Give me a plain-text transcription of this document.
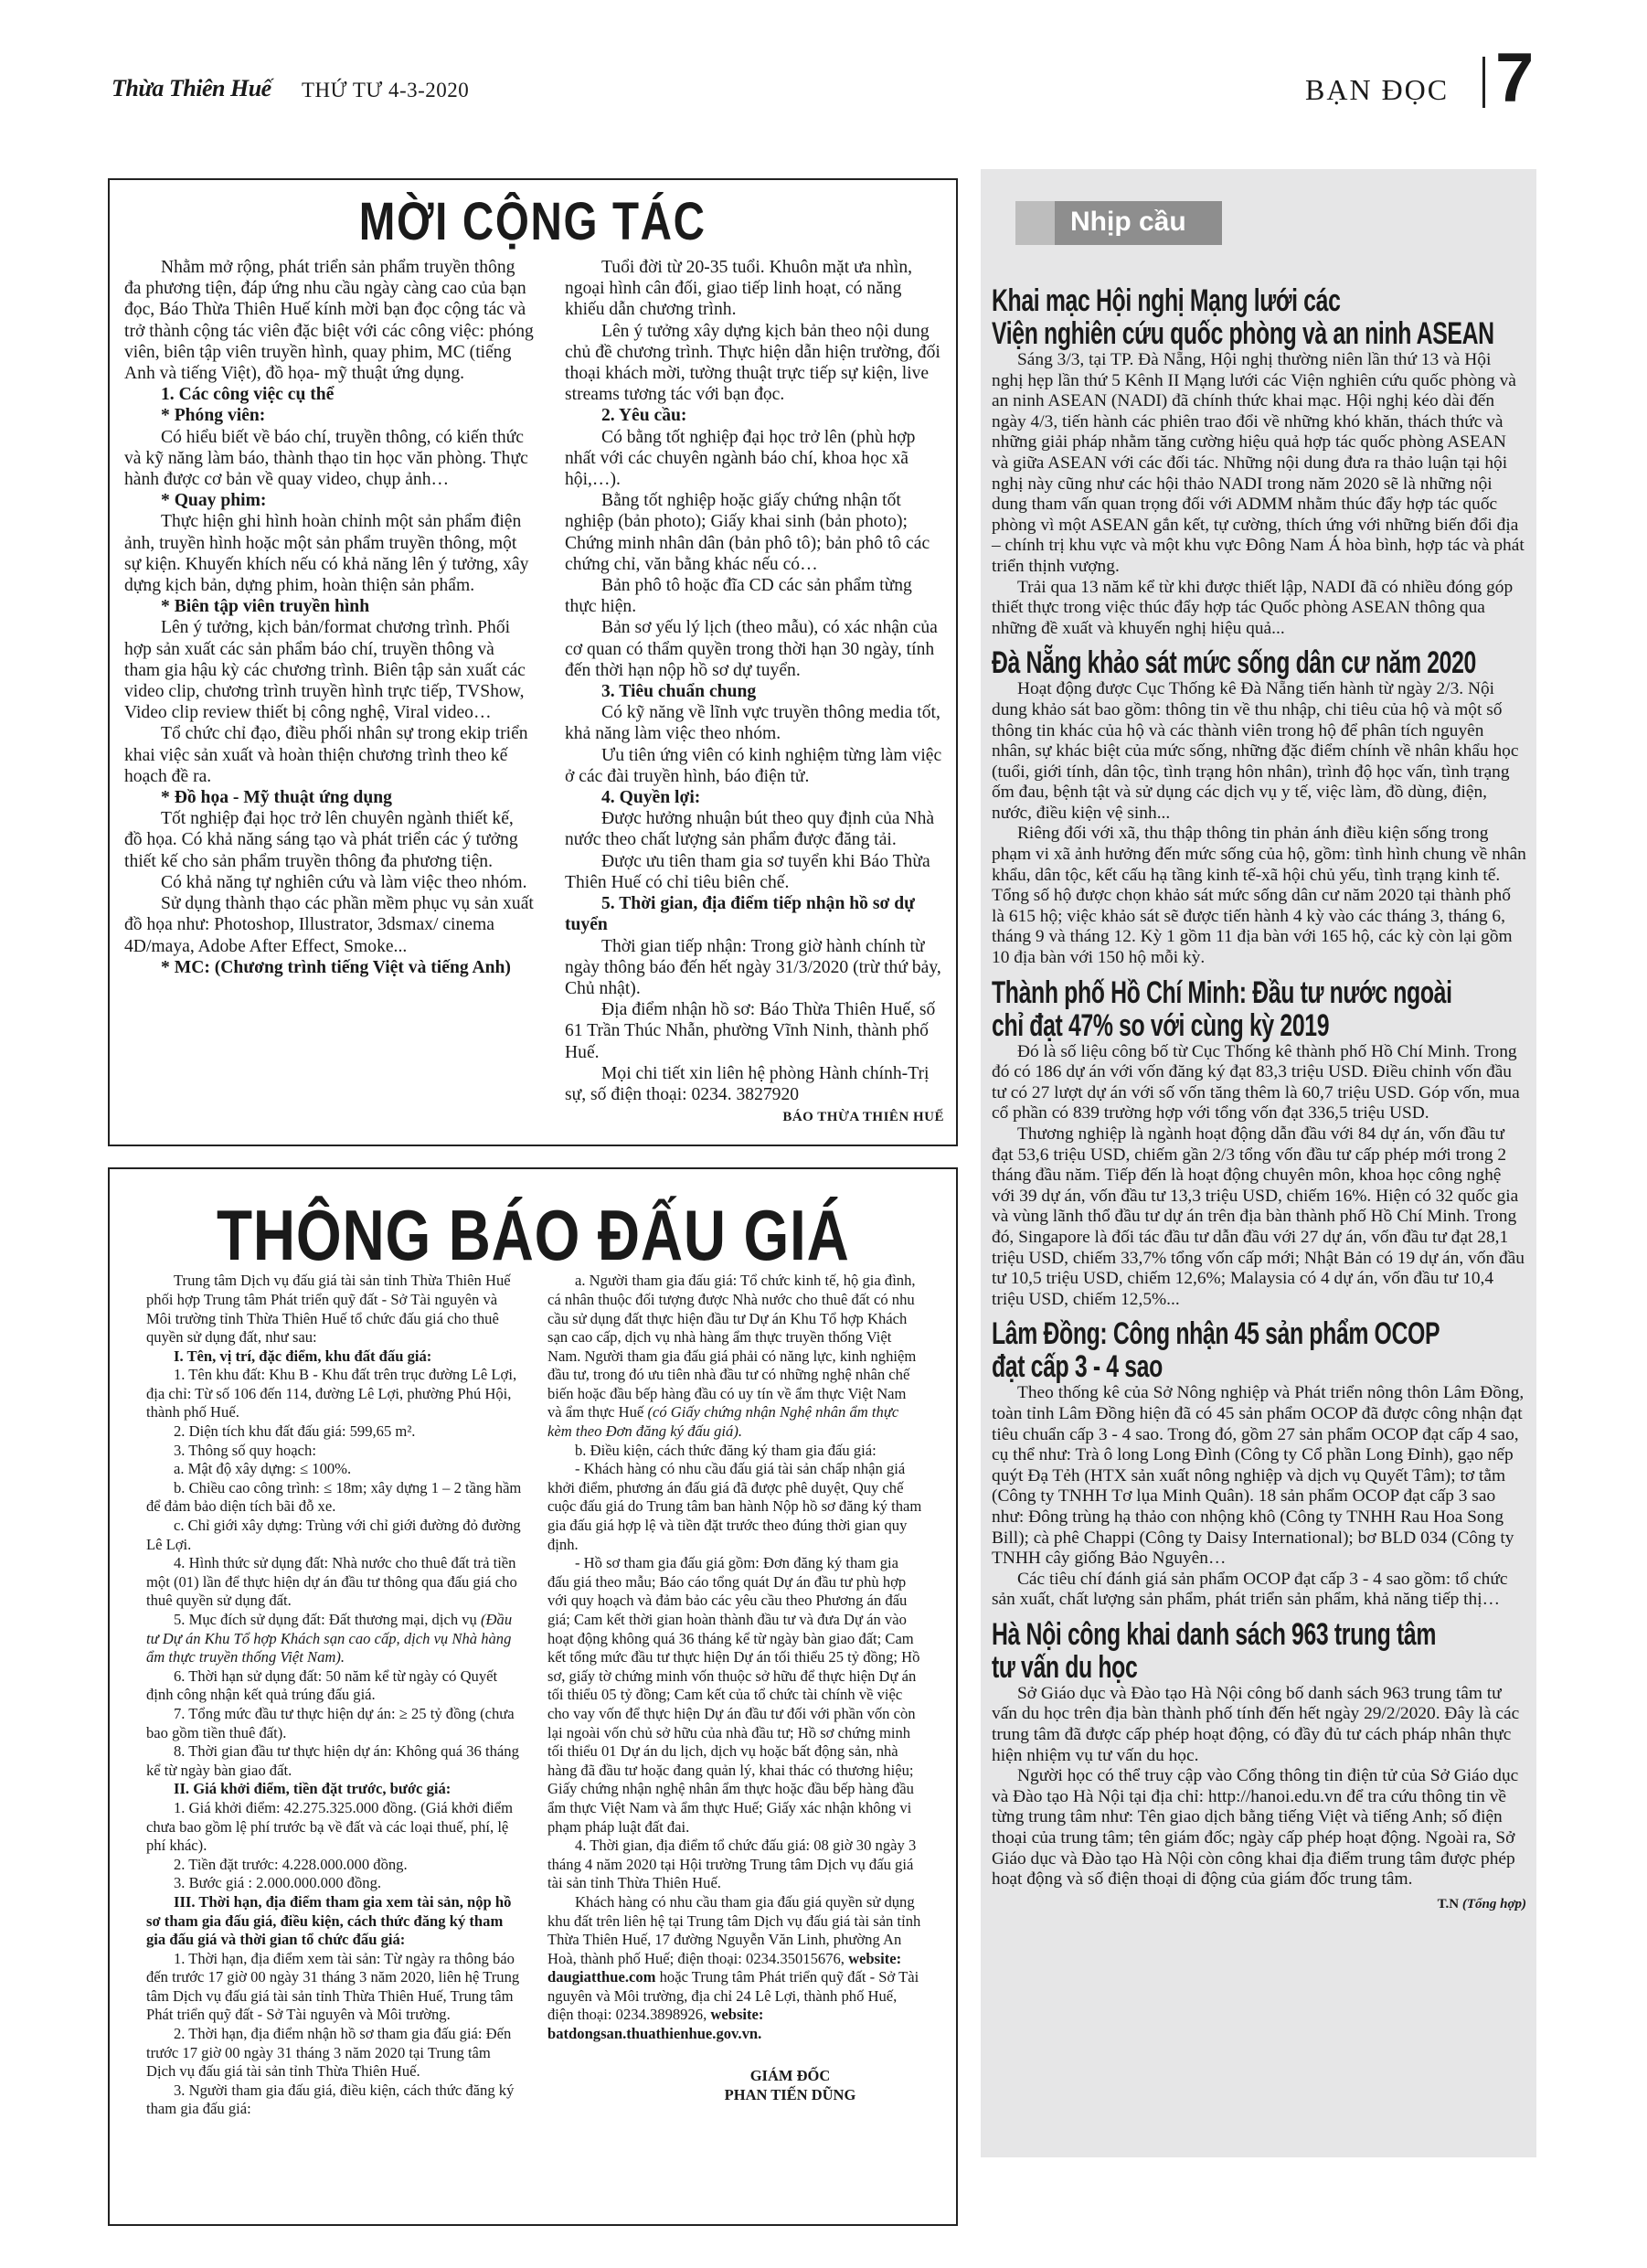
Thừa Thiên Huế THỨ TƯ 4-3-2020	BẠN ĐỌC 7
MỜI CỘNG TÁC

Nhằm mở rộng, phát triển sản phẩm truyền thông đa phương tiện, đáp ứng nhu cầu ngày càng cao của bạn đọc, Báo Thừa Thiên Huế kính mời bạn đọc cộng tác và trở thành cộng tác viên đặc biệt với các công việc: phóng viên, biên tập viên truyền hình, quay phim, MC (tiếng Anh và tiếng Việt), đồ họa- mỹ thuật ứng dụng.

1. Các công việc cụ thể

* Phóng viên:

Có hiểu biết về báo chí, truyền thông, có kiến thức và kỹ năng làm báo, thành thạo tin học văn phòng. Thực hành được cơ bản về quay video, chụp ảnh…

* Quay phim:

Thực hiện ghi hình hoàn chỉnh một sản phẩm điện ảnh, truyền hình hoặc một sản phẩm truyền thông, một sự kiện. Khuyến khích nếu có khả năng lên ý tưởng, xây dựng kịch bản, dựng phim, hoàn thiện sản phẩm.

* Biên tập viên truyền hình

Lên ý tưởng, kịch bản/format chương trình. Phối hợp sản xuất các sản phẩm báo chí, truyền thông và tham gia hậu kỳ các chương trình. Biên tập sản xuất các video clip, chương trình truyền hình trực tiếp, TVShow, Video clip review thiết bị công nghệ, Viral video…

Tổ chức chỉ đạo, điều phối nhân sự trong ekip triển khai việc sản xuất và hoàn thiện chương trình theo kế hoạch đề ra.

* Đồ họa - Mỹ thuật ứng dụng

Tốt nghiệp đại học trở lên chuyên ngành thiết kế, đồ họa. Có khả năng sáng tạo và phát triển các ý tưởng thiết kế cho sản phẩm truyền thông đa phương tiện.

Có khả năng tự nghiên cứu và làm việc theo nhóm.

Sử dụng thành thạo các phần mềm phục vụ sản xuất đồ họa như: Photoshop, Illustrator, 3dsmax/ cinema 4D/maya, Adobe After Effect, Smoke...

* MC: (Chương trình tiếng Việt và tiếng Anh)

Tuổi đời từ 20-35 tuổi. Khuôn mặt ưa nhìn, ngoại hình cân đối, giao tiếp linh hoạt, có năng khiếu dẫn chương trình.

Lên ý tưởng xây dựng kịch bản theo nội dung chủ đề chương trình. Thực hiện dẫn hiện trường, đối thoại khách mời, tường thuật trực tiếp sự kiện, live streams tương tác với bạn đọc.

2. Yêu cầu:

Có bằng tốt nghiệp đại học trở lên (phù hợp nhất với các chuyên ngành báo chí, khoa học xã hội,…).

Bằng tốt nghiệp hoặc giấy chứng nhận tốt nghiệp (bản photo); Giấy khai sinh (bản photo); Chứng minh nhân dân (bản phô tô); bản phô tô các chứng chỉ, văn bằng khác nếu có…

Bản phô tô hoặc đĩa CD các sản phẩm từng thực hiện.

Bản sơ yếu lý lịch (theo mẫu), có xác nhận của cơ quan có thẩm quyền trong thời hạn 30 ngày, tính đến thời hạn nộp hồ sơ dự tuyển.

3. Tiêu chuẩn chung

Có kỹ năng về lĩnh vực truyền thông media tốt, khả năng làm việc theo nhóm.

Ưu tiên ứng viên có kinh nghiệm từng làm việc ở các đài truyền hình, báo điện tử.

4. Quyền lợi:

Được hưởng nhuận bút theo quy định của Nhà nước theo chất lượng sản phẩm được đăng tải.

Được ưu tiên tham gia sơ tuyển khi Báo Thừa Thiên Huế có chỉ tiêu biên chế.

5. Thời gian, địa điểm tiếp nhận hồ sơ dự tuyển

Thời gian tiếp nhận: Trong giờ hành chính từ ngày thông báo đến hết ngày 31/3/2020 (trừ thứ bảy, Chủ nhật).

Địa điểm nhận hồ sơ: Báo Thừa Thiên Huế, số 61 Trần Thúc Nhẫn, phường Vĩnh Ninh, thành phố Huế.

Mọi chi tiết xin liên hệ phòng Hành chính-Trị sự, số điện thoại: 0234. 3827920

BÁO THỪA THIÊN HUẾ

THÔNG BÁO ĐẤU GIÁ

Trung tâm Dịch vụ đấu giá tài sản tỉnh Thừa Thiên Huế phối hợp Trung tâm Phát triển quỹ đất - Sở Tài nguyên và Môi trường tỉnh Thừa Thiên Huế tổ chức đấu giá cho thuê quyền sử dụng đất, như sau:

I. Tên, vị trí, đặc điểm, khu đất đấu giá:

1. Tên khu đất: Khu B - Khu đất trên trục đường Lê Lợi, địa chỉ: Từ số 106 đến 114, đường Lê Lợi, phường Phú Hội, thành phố Huế.

2. Diện tích khu đất đấu giá: 599,65 m².

3. Thông số quy hoạch:

a. Mật độ xây dựng: ≤ 100%.

b. Chiều cao công trình: ≤ 18m; xây dựng 1 – 2 tầng hầm để đảm bảo diện tích bãi đỗ xe.

c. Chỉ giới xây dựng: Trùng với chỉ giới đường đỏ đường Lê Lợi.

4. Hình thức sử dụng đất: Nhà nước cho thuê đất trả tiền một (01) lần để thực hiện dự án đầu tư thông qua đấu giá cho thuê quyền sử dụng đất.

5. Mục đích sử dụng đất: Đất thương mại, dịch vụ (Đầu tư Dự án Khu Tổ hợp Khách sạn cao cấp, dịch vụ Nhà hàng ẩm thực truyền thống Việt Nam).

6. Thời hạn sử dụng đất: 50 năm kể từ ngày có Quyết định công nhận kết quả trúng đấu giá.

7. Tổng mức đầu tư thực hiện dự án: ≥ 25 tỷ đồng (chưa bao gồm tiền thuê đất).

8. Thời gian đầu tư thực hiện dự án: Không quá 36 tháng kể từ ngày bàn giao đất.

II. Giá khởi điểm, tiền đặt trước, bước giá:

1. Giá khởi điểm: 42.275.325.000 đồng. (Giá khởi điểm chưa bao gồm lệ phí trước bạ về đất và các loại thuế, phí, lệ phí khác).

2. Tiền đặt trước: 4.228.000.000 đồng.

3. Bước giá : 2.000.000.000 đồng.

III. Thời hạn, địa điểm tham gia xem tài sản, nộp hồ sơ tham gia đấu giá, điều kiện, cách thức đăng ký tham gia đấu giá và thời gian tổ chức đấu giá:

1. Thời hạn, địa điểm xem tài sản: Từ ngày ra thông báo đến trước 17 giờ 00 ngày 31 tháng 3 năm 2020, liên hệ Trung tâm Dịch vụ đấu giá tài sản tỉnh Thừa Thiên Huế, Trung tâm Phát triển quỹ đất - Sở Tài nguyên và Môi trường.

2. Thời hạn, địa điểm nhận hồ sơ tham gia đấu giá: Đến trước 17 giờ 00 ngày 31 tháng 3 năm 2020 tại Trung tâm Dịch vụ đấu giá tài sản tỉnh Thừa Thiên Huế.

3. Người tham gia đấu giá, điều kiện, cách thức đăng ký tham gia đấu giá:

a. Người tham gia đấu giá: Tổ chức kinh tế, hộ gia đình, cá nhân thuộc đối tượng được Nhà nước cho thuê đất có nhu cầu sử dụng đất thực hiện đầu tư Dự án Khu Tổ hợp Khách sạn cao cấp, dịch vụ nhà hàng ẩm thực truyền thống Việt Nam. Người tham gia đấu giá phải có năng lực, kinh nghiệm đầu tư, trong đó ưu tiên nhà đầu tư có những nghệ nhân chế biến hoặc đầu bếp hàng đầu có uy tín về ẩm thực Việt Nam và ẩm thực Huế (có Giấy chứng nhận Nghệ nhân ẩm thực kèm theo Đơn đăng ký đấu giá).

b. Điều kiện, cách thức đăng ký tham gia đấu giá:

- Khách hàng có nhu cầu đấu giá tài sản chấp nhận giá khởi điểm, phương án đấu giá đã được phê duyệt, Quy chế cuộc đấu giá do Trung tâm ban hành Nộp hồ sơ đăng ký tham gia đấu giá hợp lệ và tiền đặt trước theo đúng thời gian quy định.

- Hồ sơ tham gia đấu giá gồm: Đơn đăng ký tham gia đấu giá theo mẫu; Báo cáo tổng quát Dự án đầu tư phù hợp với quy hoạch và đảm bảo các yêu cầu theo Phương án đấu giá; Cam kết thời gian hoàn thành đầu tư và đưa Dự án vào hoạt động không quá 36 tháng kể từ ngày bàn giao đất; Cam kết tổng mức đầu tư thực hiện Dự án tối thiểu 25 tỷ đồng; Hồ sơ, giấy tờ chứng minh vốn thuộc sở hữu để thực hiện Dự án tối thiểu 05 tỷ đồng; Cam kết của tổ chức tài chính về việc cho vay vốn để thực hiện Dự án đầu tư đối với phần vốn còn lại ngoài vốn chủ sở hữu của nhà đầu tư; Hồ sơ chứng minh tối thiểu 01 Dự án du lịch, dịch vụ hoặc bất động sản, nhà hàng đã đầu tư hoặc đang quản lý, khai thác có thương hiệu; Giấy chứng nhận nghệ nhân ẩm thực hoặc đầu bếp hàng đầu ẩm thực Việt Nam và ẩm thực Huế; Giấy xác nhận không vi phạm pháp luật đất đai.

4. Thời gian, địa điểm tổ chức đấu giá: 08 giờ 30 ngày 3 tháng 4 năm 2020 tại Hội trường Trung tâm Dịch vụ đấu giá tài sản tỉnh Thừa Thiên Huế.

Khách hàng có nhu cầu tham gia đấu giá quyền sử dụng khu đất trên liên hệ tại Trung tâm Dịch vụ đấu giá tài sản tỉnh Thừa Thiên Huế, 17 đường Nguyễn Văn Linh, phường An Hoà, thành phố Huế; điện thoại: 0234.35015676, website: daugiatthue.com hoặc Trung tâm Phát triển quỹ đất - Sở Tài nguyên và Môi trường, địa chỉ 24 Lê Lợi, thành phố Huế, điện thoại: 0234.3898926, website: batdongsan.thuathienhue.gov.vn.

GIÁM ĐỐC
PHAN TIẾN DŨNG

Nhịp cầu
Khai mạc Hội nghị Mạng lưới các
Viện nghiên cứu quốc phòng và an ninh ASEAN

Sáng 3/3, tại TP. Đà Nẵng, Hội nghị thường niên lần thứ 13 và Hội nghị hẹp lần thứ 5 Kênh II Mạng lưới các Viện nghiên cứu quốc phòng và an ninh ASEAN (NADI) đã chính thức khai mạc. Hội nghị kéo dài đến ngày 4/3, tiến hành các phiên trao đổi về những khó khăn, thách thức và những giải pháp nhằm tăng cường hiệu quả hợp tác quốc phòng ASEAN và giữa ASEAN với các đối tác. Những nội dung đưa ra thảo luận tại hội nghị này cũng như các hội thảo NADI trong năm 2020 sẽ là những nội dung tham vấn quan trọng đối với ADMM nhằm thúc đẩy hợp tác quốc phòng vì một ASEAN gắn kết, tự cường, thích ứng với những biến đổi địa – chính trị khu vực và một khu vực Đông Nam Á hòa bình, hợp tác và phát triển thịnh vượng.

Trải qua 13 năm kể từ khi được thiết lập, NADI đã có nhiều đóng góp thiết thực trong việc thúc đẩy hợp tác Quốc phòng ASEAN thông qua những đề xuất và khuyến nghị hiệu quả...

Đà Nẵng khảo sát mức sống dân cư năm 2020

Hoạt động được Cục Thống kê Đà Nẵng tiến hành từ ngày 2/3. Nội dung khảo sát bao gồm: thông tin về thu nhập, chi tiêu của hộ và một số thông tin khác của hộ và các thành viên trong hộ để phân tích nguyên nhân, sự khác biệt của mức sống, những đặc điểm chính về nhân khẩu học (tuổi, giới tính, dân tộc, tình trạng hôn nhân), trình độ học vấn, tình trạng ốm đau, bệnh tật và sử dụng các dịch vụ y tế, việc làm, đồ dùng, điện, nước, điều kiện vệ sinh...

Riêng đối với xã, thu thập thông tin phản ánh điều kiện sống trong phạm vi xã ảnh hưởng đến mức sống của hộ, gồm: tình hình chung về nhân khẩu, dân tộc, kết cấu hạ tầng kinh tế-xã hội chủ yếu, tình trạng kinh tế. Tổng số hộ được chọn khảo sát mức sống dân cư năm 2020 tại thành phố là 615 hộ; việc khảo sát sẽ được tiến hành 4 kỳ vào các tháng 3, tháng 6, tháng 9 và tháng 12. Kỳ 1 gồm 11 địa bàn với 165 hộ, các kỳ còn lại gồm 10 địa bàn với 150 hộ mỗi kỳ.

Thành phố Hồ Chí Minh: Đầu tư nước ngoài
chỉ đạt 47% so với cùng kỳ 2019

Đó là số liệu công bố từ Cục Thống kê thành phố Hồ Chí Minh. Trong đó có 186 dự án với vốn đăng ký đạt 83,3 triệu USD. Điều chỉnh vốn đầu tư có 27 lượt dự án với số vốn tăng thêm là 60,7 triệu USD. Góp vốn, mua cổ phần có 839 trường hợp với tổng vốn đạt 336,5 triệu USD.

Thương nghiệp là ngành hoạt động dẫn đầu với 84 dự án, vốn đầu tư đạt 53,6 triệu USD, chiếm gần 2/3 tổng vốn đầu tư cấp phép mới trong 2 tháng đầu năm. Tiếp đến là hoạt động chuyên môn, khoa học công nghệ với 39 dự án, vốn đầu tư 13,3 triệu USD, chiếm 16%. Hiện có 32 quốc gia và vùng lãnh thổ đầu tư dự án trên địa bàn thành phố Hồ Chí Minh. Trong đó, Singapore là đối tác đầu tư dẫn đầu với 27 dự án, vốn đầu tư đạt 28,1 triệu USD, chiếm 33,7% tổng vốn cấp mới; Nhật Bản có 19 dự án, vốn đầu tư 10,5 triệu USD, chiếm 12,6%; Malaysia có 4 dự án, vốn đầu tư 10,4 triệu USD, chiếm 12,5%...

Lâm Đồng: Công nhận 45 sản phẩm OCOP
đạt cấp 3 - 4 sao

Theo thống kê của Sở Nông nghiệp và Phát triển nông thôn Lâm Đồng, toàn tỉnh Lâm Đồng hiện đã có 45 sản phẩm OCOP đã được công nhận đạt tiêu chuẩn cấp 3 - 4 sao. Trong đó, gồm 27 sản phẩm OCOP đạt cấp 4 sao, cụ thể như: Trà ô long Long Đình (Công ty Cổ phần Long Đỉnh), gạo nếp quýt Đạ Tẻh (HTX sản xuất nông nghiệp và dịch vụ Quyết Tâm); tơ tằm (Công ty TNHH Tơ lụa Minh Quân). 18 sản phẩm OCOP đạt cấp 3 sao như: Đông trùng hạ thảo con nhộng khô (Công ty TNHH Rau Hoa Song Bill); cà phê Chappi (Công ty Daisy International); bơ BLD 034 (Công ty TNHH cây giống Bảo Nguyên…

Các tiêu chí đánh giá sản phẩm OCOP đạt cấp 3 - 4 sao gồm: tổ chức sản xuất, chất lượng sản phẩm, phát triển sản phẩm, khả năng tiếp thị…

Hà Nội công khai danh sách 963 trung tâm
tư vấn du học

Sở Giáo dục và Đào tạo Hà Nội công bố danh sách 963 trung tâm tư vấn du học trên địa bàn thành phố tính đến hết ngày 29/2/2020. Đây là các trung tâm đã được cấp phép hoạt động, có đầy đủ tư cách pháp nhân thực hiện nhiệm vụ tư vấn du học.

Người học có thể truy cập vào Cổng thông tin điện tử của Sở Giáo dục và Đào tạo Hà Nội tại địa chỉ: http://hanoi.edu.vn để tra cứu thông tin về từng trung tâm như: Tên giao dịch bằng tiếng Việt và tiếng Anh; số điện thoại của trung tâm; tên giám đốc; ngày cấp phép hoạt động. Ngoài ra, Sở Giáo dục và Đào tạo Hà Nội còn công khai địa điểm trung tâm được phép hoạt động và số điện thoại di động của giám đốc trung tâm.

T.N (Tổng hợp)
